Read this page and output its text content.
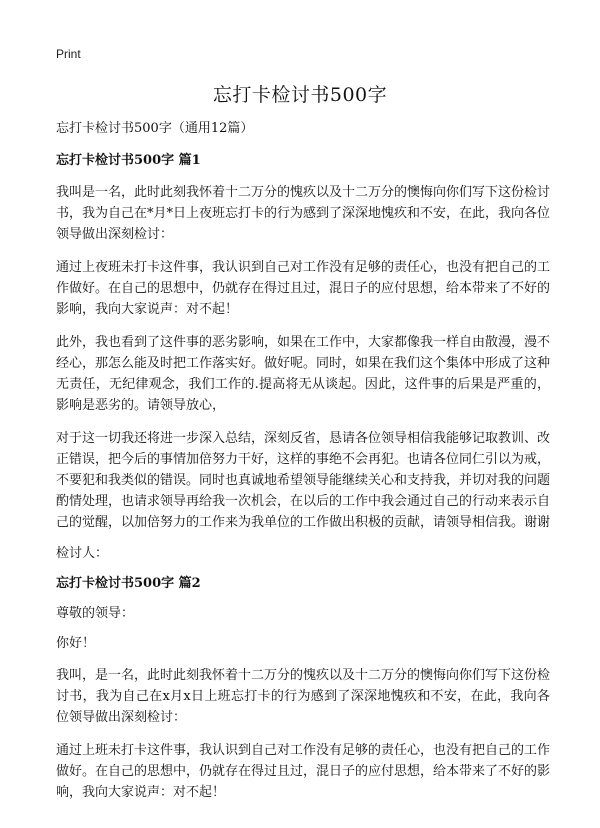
Print
忘打卡检讨书500字
忘打卡检讨书500字（通用12篇）
忘打卡检讨书500字 篇1
我叫是一名，此时此刻我怀着十二万分的愧疚以及十二万分的懊悔向你们写下这份检讨书，我为自己在*月*日上夜班忘打卡的行为感到了深深地愧疚和不安，在此，我向各位领导做出深刻检讨：
通过上夜班未打卡这件事，我认识到自己对工作没有足够的责任心，也没有把自己的工作做好。在自己的思想中，仍就存在得过且过，混日子的应付思想，给本带来了不好的影响，我向大家说声：对不起！
此外，我也看到了这件事的恶劣影响，如果在工作中，大家都像我一样自由散漫，漫不经心，那怎么能及时把工作落实好。做好呢。同时，如果在我们这个集体中形成了这种无责任，无纪律观念，我们工作的.提高将无从谈起。因此，这件事的后果是严重的，影响是恶劣的。请领导放心，
对于这一切我还将进一步深入总结，深刻反省，恳请各位领导相信我能够记取教训、改正错误，把今后的事情加倍努力干好，这样的事绝不会再犯。也请各位同仁引以为戒，不要犯和我类似的错误。同时也真诚地希望领导能继续关心和支持我，并切对我的问题酌情处理，也请求领导再给我一次机会，在以后的工作中我会通过自己的行动来表示自己的觉醒，以加倍努力的工作来为我单位的工作做出积极的贡献，请领导相信我。谢谢
检讨人：
忘打卡检讨书500字 篇2
尊敬的领导：
你好！
我叫，是一名，此时此刻我怀着十二万分的愧疚以及十二万分的懊悔向你们写下这份检讨书，我为自己在x月x日上班忘打卡的行为感到了深深地愧疚和不安，在此，我向各位领导做出深刻检讨：
通过上班未打卡这件事，我认识到自己对工作没有足够的责任心，也没有把自己的工作做好。在自己的思想中，仍就存在得过且过，混日子的应付思想，给本带来了不好的影响，我向大家说声：对不起！
